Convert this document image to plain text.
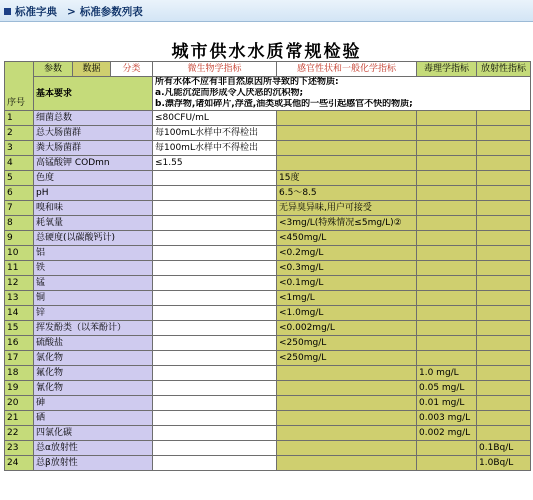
标准字典 > 标准参数列表
城市供水水质常规检验
序号	参数	数据	分类	微生物学指标	感官性状和一般化学指标	毒理学指标	放射性指标
	基本要求			所有水体不应有非自然原因所导致的下述物质:
a.凡能沉淀而形成令人厌恶的沉积物;
b.漂浮物,诸如碎片,浮渣,油类或其他的一些引起感官不快的物质;			

1	细菌总数			≤80CFU/mL			
2	总大肠菌群			每100mL水样中不得检出			
3	粪大肠菌群			每100mL水样中不得检出			
4	高锰酸钾 CODmn			≤1.55			
5	色度				15度		
6	pH				6.5～8.5		
7	嗅和味				无异臭异味,用户可接受		
8	耗氧量				<3mg/L(特殊情况≤5mg/L)②		
9	总硬度(以碳酸钙计)				<450mg/L		
10	铝				<0.2mg/L		
11	铁				<0.3mg/L		
12	锰				<0.1mg/L		
13	铜				<1mg/L		
14	锌				<1.0mg/L		
15	挥发酚类（以苯酚计）				<0.002mg/L		
16	硫酸盐				<250mg/L		
17	氯化物				<250mg/L		
18	氟化物					1.0 mg/L	
19	氰化物					0.05 mg/L	
20	砷					0.01 mg/L	
21	硒					0.003 mg/L	
22	四氯化碳					0.002 mg/L	
23	总α放射性						0.1Bq/L
24	总β放射性						1.0Bq/L
